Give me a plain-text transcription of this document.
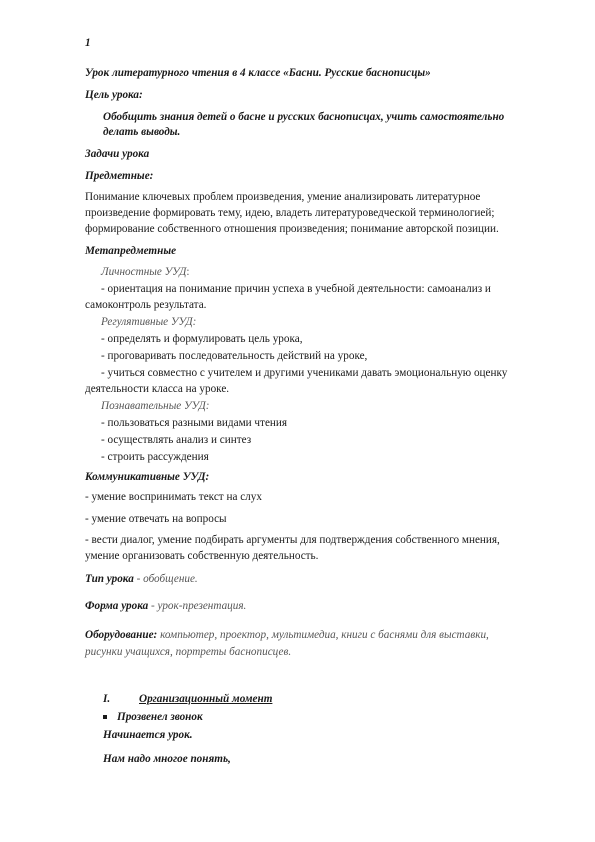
1
Урок литературного чтения в 4 классе «Басни. Русские баснописцы»
Цель урока:
Обобщить знания детей о басне и русских баснописцах, учить самостоятельно
делать выводы.
Задачи урока
Предметные:
Понимание ключевых проблем произведения, умение анализировать литературное
произведение формировать тему, идею, владеть литературоведческой терминологией;
формирование собственного отношения произведения; понимание авторской позиции.
Метапредметные
Личностные УУД:
- ориентация на понимание причин успеха в учебной деятельности: самоанализ и
самоконтроль результата.
Регулятивные УУД:
- определять и формулировать цель урока,
- проговаривать последовательность действий на уроке,
- учиться совместно с учителем и другими учениками давать эмоциональную оценку
деятельности класса на уроке.
Познавательные УУД:
- пользоваться разными видами чтения
- осуществлять анализ и синтез
- строить рассуждения
Коммуникативные УУД:
- умение воспринимать текст на слух
- умение отвечать на вопросы
- вести диалог, умение подбирать аргументы для подтверждения собственного мнения,
умение организовать собственную деятельность.
Тип урока - обобщение.
Форма урока - урок-презентация.
Оборудование: компьютер, проектор, мультимедиа, книги с баснями для выставки,
рисунки учащихся, портреты баснописцев.
I.	Организационный момент
Прозвенел звонок
Начинается урок.
Нам надо многое понять,
